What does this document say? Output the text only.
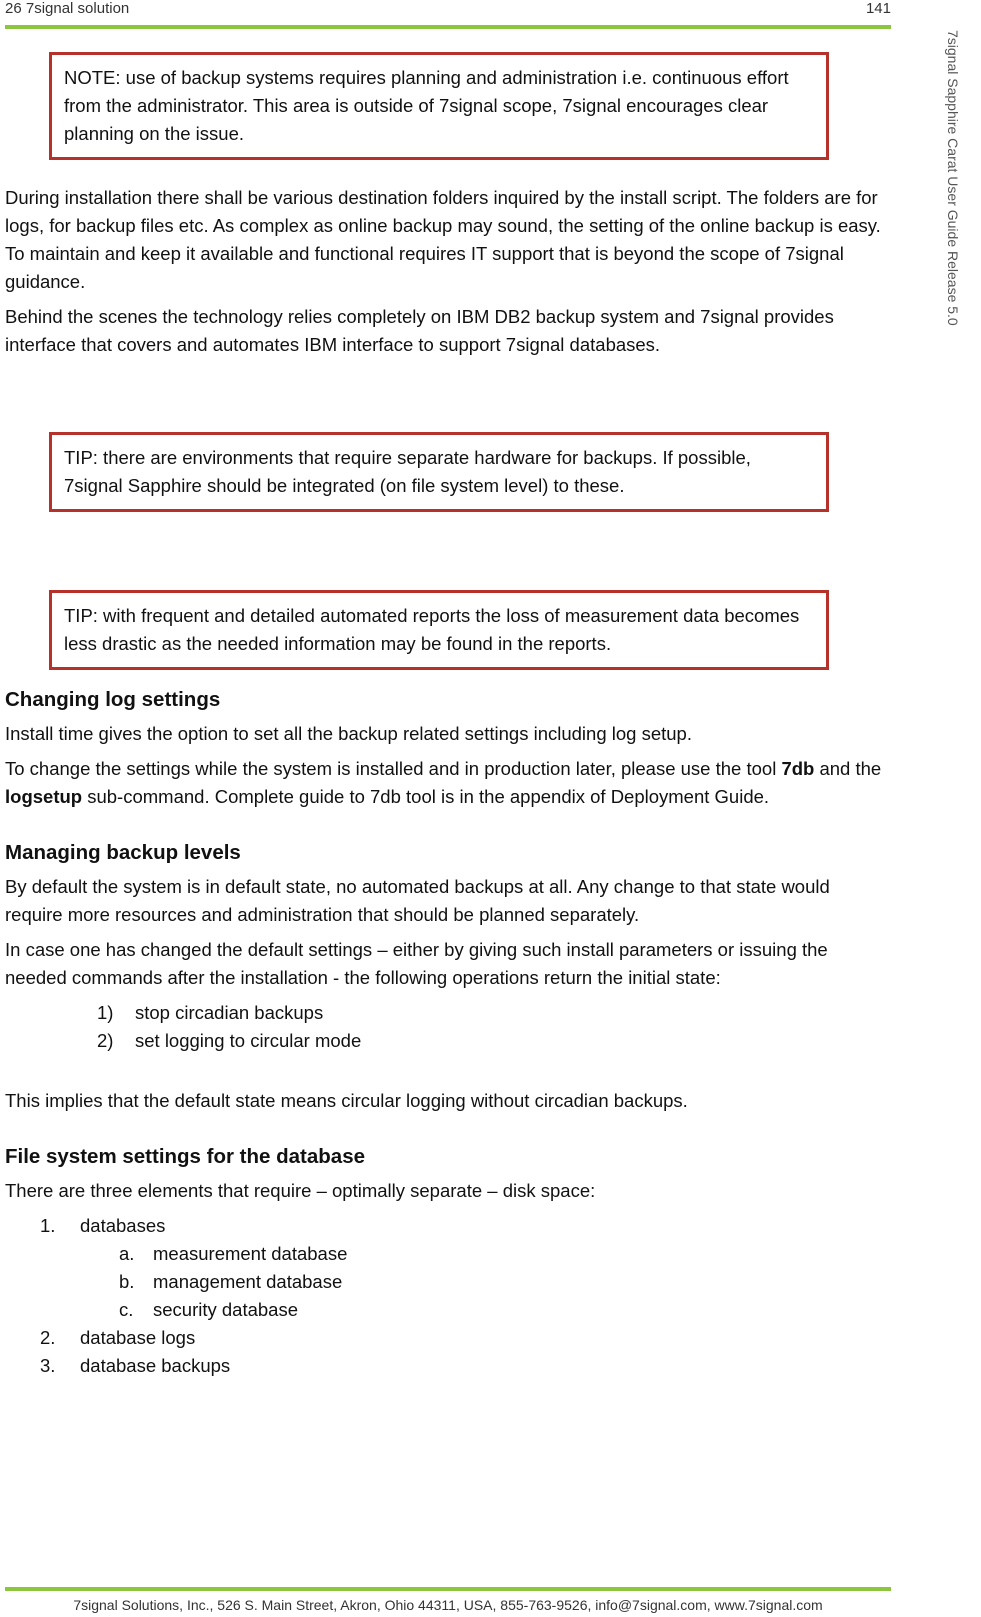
26 7signal solution	141
7signal Sapphire Carat User Guide Release 5.0
NOTE: use of backup systems requires planning and administration i.e. continuous effort from the administrator. This area is outside of 7signal scope, 7signal encourages clear planning on the issue.

During installation there shall be various destination folders inquired by the install script. The folders are for logs, for backup files etc. As complex as online backup may sound, the setting of the online backup is easy. To maintain and keep it available and functional requires IT support that is beyond the scope of 7signal guidance.

Behind the scenes the technology relies completely on IBM DB2 backup system and 7signal provides interface that covers and automates IBM interface to support 7signal databases.

TIP: there are environments that require separate hardware for backups. If possible, 7signal Sapphire should be integrated (on file system level) to these.
TIP: with frequent and detailed automated reports the loss of measurement data becomes less drastic as the needed information may be found in the reports.
Changing log settings

Install time gives the option to set all the backup related settings including log setup.

To change the settings while the system is installed and in production later, please use the tool 7db and the logsetup sub-command. Complete guide to 7db tool is in the appendix of Deployment Guide.

Managing backup levels

By default the system is in default state, no automated backups at all. Any change to that state would require more resources and administration that should be planned separately.

In case one has changed the default settings – either by giving such install parameters or issuing the needed commands after the installation - the following operations return the initial state:

1) stop circadian backups
2) set logging to circular mode

This implies that the default state means circular logging without circadian backups.

File system settings for the database

There are three elements that require – optimally separate – disk space:

1. databases
a. measurement database
b. management database
c. security database
2. database logs
3. database backups
7signal Solutions, Inc., 526 S. Main Street, Akron, Ohio 44311, USA, 855-763-9526, info@7signal.com, www.7signal.com
